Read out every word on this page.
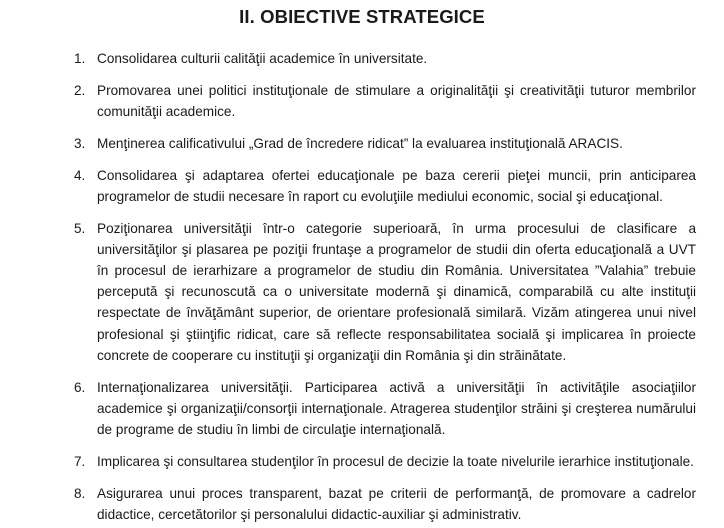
II. OBIECTIVE STRATEGICE
1. Consolidarea culturii calităţii academice în universitate.
2. Promovarea unei politici instituţionale de stimulare a originalităţii şi creativităţii tuturor membrilor comunităţii academice.
3. Menţinerea calificativului „Grad de încredere ridicat” la evaluarea instituţională ARACIS.
4. Consolidarea şi adaptarea ofertei educaţionale pe baza cererii pieţei muncii, prin anticiparea programelor de studii necesare în raport cu evoluţiile mediului economic, social şi educaţional.
5. Poziţionarea universităţii într-o categorie superioară, în urma procesului de clasificare a universităţilor şi plasarea pe poziţii fruntaşe a programelor de studii din oferta educaţională a UVT în procesul de ierarhizare a programelor de studiu din România. Universitatea ”Valahia” trebuie percepută şi recunoscută ca o universitate modernă şi dinamică, comparabilă cu alte instituţii respectate de învăţământ superior, de orientare profesională similară. Vizăm atingerea unui nivel profesional şi ştiinţific ridicat, care să reflecte responsabilitatea socială şi implicarea în proiecte concrete de cooperare cu instituţii şi organizaţii din România şi din străinătate.
6. Internaţionalizarea universităţii. Participarea activă a universităţii în activităţile asociaţiilor academice şi organizaţii/consorţii internaţionale. Atragerea studenţilor străini şi creşterea numărului de programe de studiu în limbi de circulaţie internaţională.
7. Implicarea şi consultarea studenţilor în procesul de decizie la toate nivelurile ierarhice instituţionale.
8. Asigurarea unui proces transparent, bazat pe criterii de performanţă, de promovare a cadrelor didactice, cercetătorilor şi personalului didactic-auxiliar şi administrativ.
